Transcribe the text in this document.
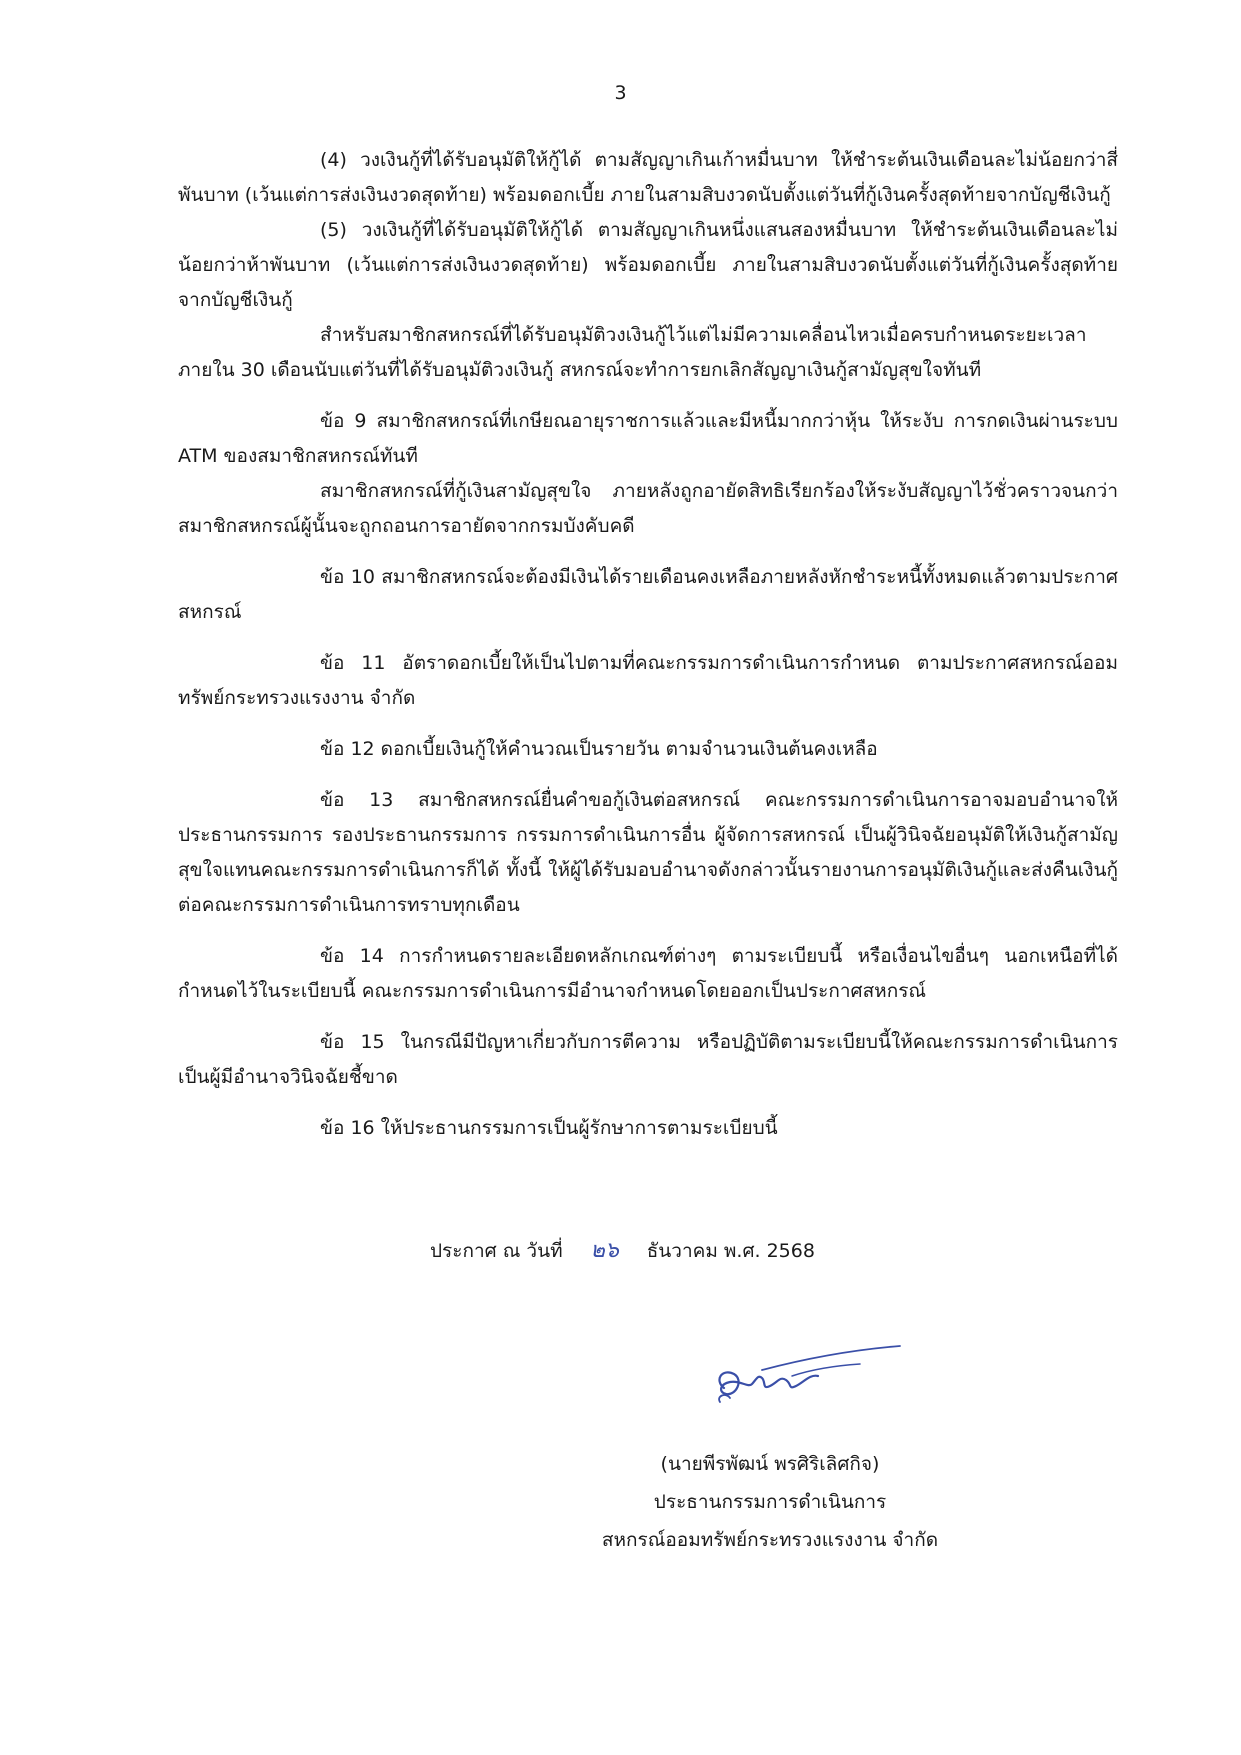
3

(4) วงเงินกู้ที่ได้รับอนุมัติให้กู้ได้ ตามสัญญาเกินเก้าหมื่นบาท ให้ชำระต้นเงินเดือนละไม่น้อยกว่าสี่พันบาท (เว้นแต่การส่งเงินงวดสุดท้าย) พร้อมดอกเบี้ย ภายในสามสิบงวดนับตั้งแต่วันที่กู้เงินครั้งสุดท้ายจากบัญชีเงินกู้

(5) วงเงินกู้ที่ได้รับอนุมัติให้กู้ได้ ตามสัญญาเกินหนึ่งแสนสองหมื่นบาท ให้ชำระต้นเงินเดือนละไม่น้อยกว่าห้าพันบาท (เว้นแต่การส่งเงินงวดสุดท้าย) พร้อมดอกเบี้ย ภายในสามสิบงวดนับตั้งแต่วันที่กู้เงินครั้งสุดท้ายจากบัญชีเงินกู้

สำหรับสมาชิกสหกรณ์ที่ได้รับอนุมัติวงเงินกู้ไว้แต่ไม่มีความเคลื่อนไหวเมื่อครบกำหนดระยะเวลาภายใน 30 เดือนนับแต่วันที่ได้รับอนุมัติวงเงินกู้ สหกรณ์จะทำการยกเลิกสัญญาเงินกู้สามัญสุขใจทันที

ข้อ 9 สมาชิกสหกรณ์ที่เกษียณอายุราชการแล้วและมีหนี้มากกว่าหุ้น ให้ระงับ การกดเงินผ่านระบบ ATM ของสมาชิกสหกรณ์ทันที

สมาชิกสหกรณ์ที่กู้เงินสามัญสุขใจ ภายหลังถูกอายัดสิทธิเรียกร้องให้ระงับสัญญาไว้ชั่วคราวจนกว่าสมาชิกสหกรณ์ผู้นั้นจะถูกถอนการอายัดจากกรมบังคับคดี

ข้อ 10 สมาชิกสหกรณ์จะต้องมีเงินได้รายเดือนคงเหลือภายหลังหักชำระหนี้ทั้งหมดแล้วตามประกาศสหกรณ์

ข้อ 11 อัตราดอกเบี้ยให้เป็นไปตามที่คณะกรรมการดำเนินการกำหนด ตามประกาศสหกรณ์ออมทรัพย์กระทรวงแรงงาน จำกัด

ข้อ 12 ดอกเบี้ยเงินกู้ให้คำนวณเป็นรายวัน ตามจำนวนเงินต้นคงเหลือ

ข้อ 13 สมาชิกสหกรณ์ยื่นคำขอกู้เงินต่อสหกรณ์ คณะกรรมการดำเนินการอาจมอบอำนาจให้ประธานกรรมการ รองประธานกรรมการ กรรมการดำเนินการอื่น ผู้จัดการสหกรณ์ เป็นผู้วินิจฉัยอนุมัติให้เงินกู้สามัญสุขใจแทนคณะกรรมการดำเนินการก็ได้ ทั้งนี้ ให้ผู้ได้รับมอบอำนาจดังกล่าวนั้นรายงานการอนุมัติเงินกู้และส่งคืนเงินกู้ต่อคณะกรรมการดำเนินการทราบทุกเดือน

ข้อ 14 การกำหนดรายละเอียดหลักเกณฑ์ต่างๆ ตามระเบียบนี้ หรือเงื่อนไขอื่นๆ นอกเหนือที่ได้กำหนดไว้ในระเบียบนี้ คณะกรรมการดำเนินการมีอำนาจกำหนดโดยออกเป็นประกาศสหกรณ์

ข้อ 15 ในกรณีมีปัญหาเกี่ยวกับการตีความ หรือปฏิบัติตามระเบียบนี้ให้คณะกรรมการดำเนินการเป็นผู้มีอำนาจวินิจฉัยชี้ขาด

ข้อ 16 ให้ประธานกรรมการเป็นผู้รักษาการตามระเบียบนี้

ประกาศ ณ วันที่ ๒๖ ธันวาคม พ.ศ. 2568
(นายพีรพัฒน์ พรศิริเลิศกิจ)
ประธานกรรมการดำเนินการ
สหกรณ์ออมทรัพย์กระทรวงแรงงาน จำกัด
